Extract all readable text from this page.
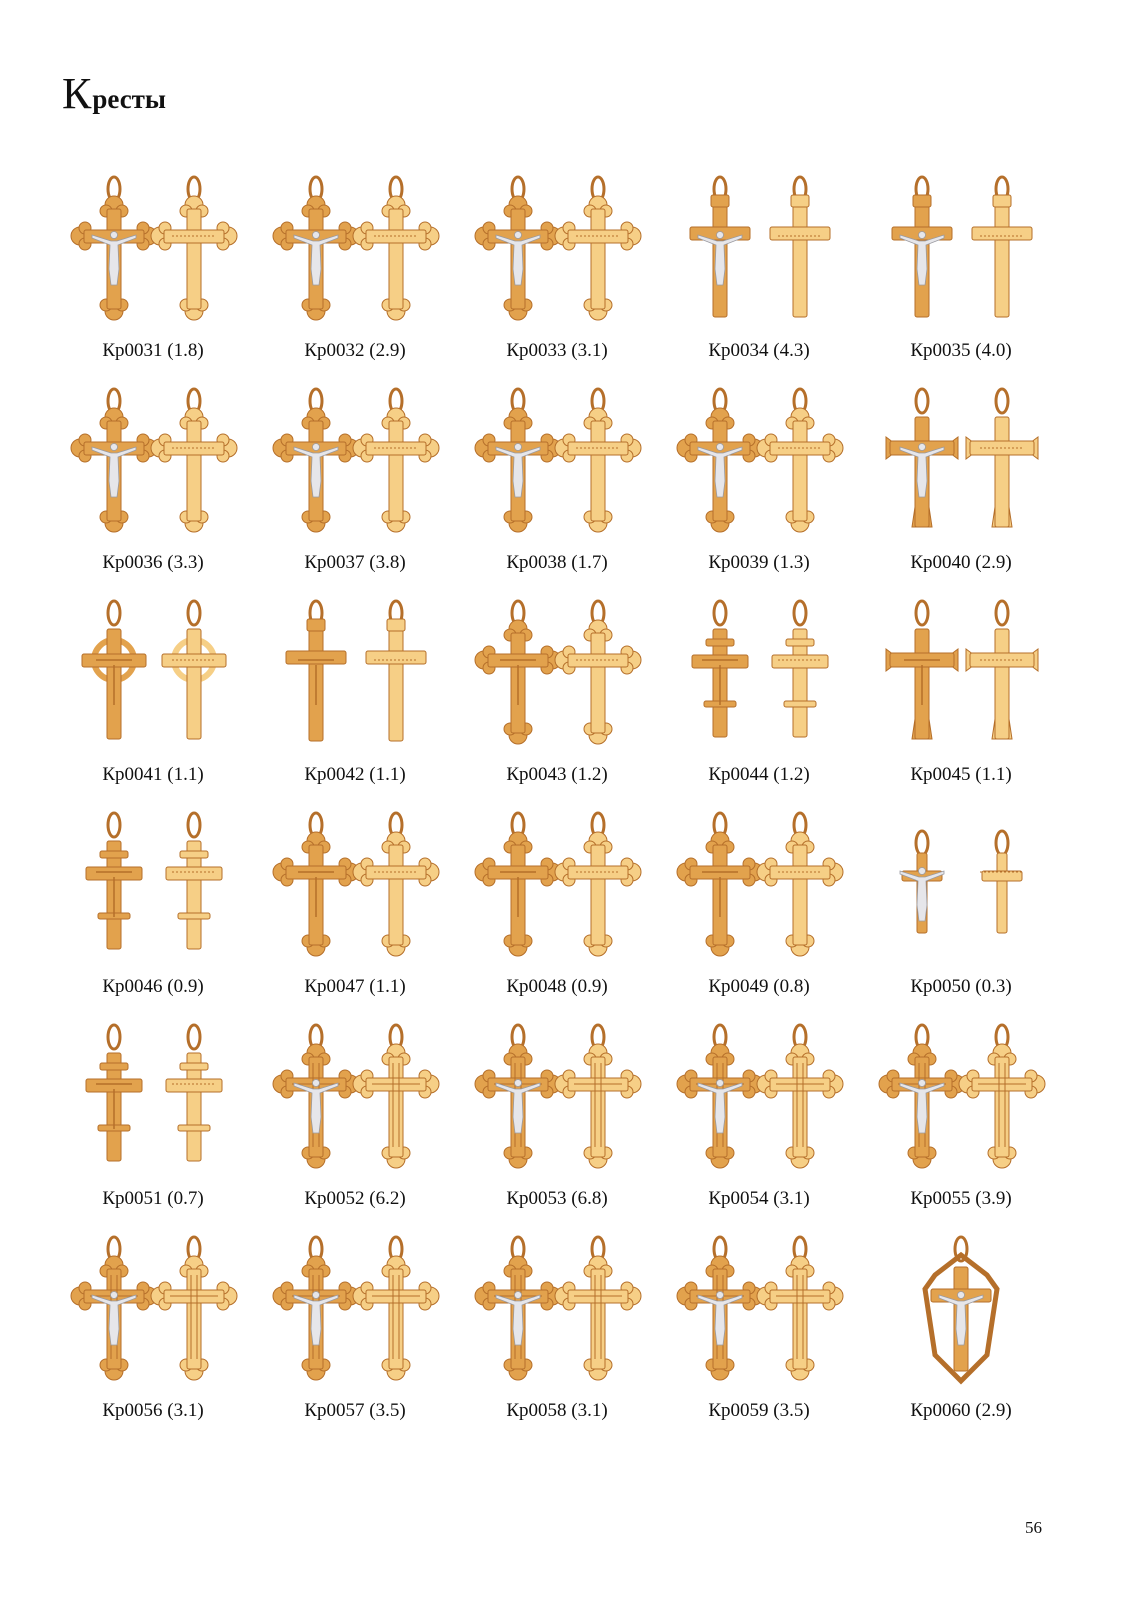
Кресты
Кр0031 (1.8)	Кр0032 (2.9)	Кр0033 (3.1)	Кр0034 (4.3)	Кр0035 (4.0)
Кр0036 (3.3)	Кр0037 (3.8)	Кр0038 (1.7)	Кр0039 (1.3)	Кр0040 (2.9)
Кр0041 (1.1)	Кр0042 (1.1)	Кр0043 (1.2)	Кр0044 (1.2)	Кр0045 (1.1)
Кр0046 (0.9)	Кр0047 (1.1)	Кр0048 (0.9)	Кр0049 (0.8)	Кр0050 (0.3)
Кр0051 (0.7)	Кр0052 (6.2)	Кр0053 (6.8)	Кр0054 (3.1)	Кр0055 (3.9)
Кр0056 (3.1)	Кр0057 (3.5)	Кр0058 (3.1)	Кр0059 (3.5)	Кр0060 (2.9)
56
